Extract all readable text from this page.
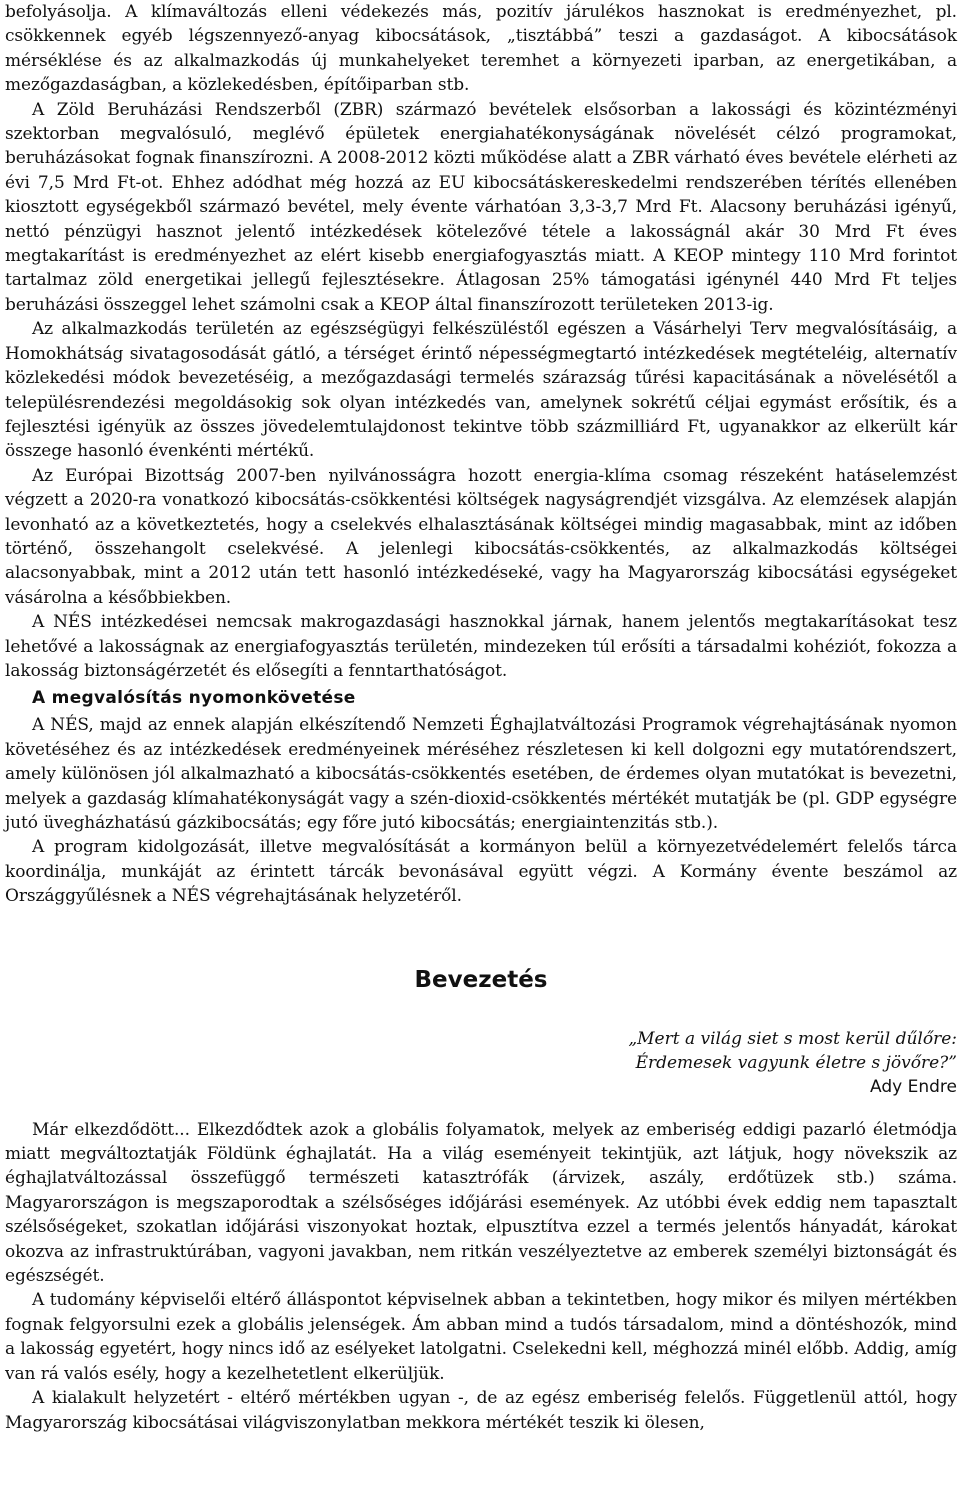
befolyásolja. A klímaváltozás elleni védekezés más, pozitív járulékos hasznokat is eredményezhet, pl. csökkennek egyéb légszennyező-anyag kibocsátások, „tisztábbá” teszi a gazdaságot. A kibocsátások mérséklése és az alkalmazkodás új munkahelyeket teremhet a környezeti iparban, az energetikában, a mezőgazdaságban, a közlekedésben, építőiparban stb.

A Zöld Beruházási Rendszerből (ZBR) származó bevételek elsősorban a lakossági és közintézményi szektorban megvalósuló, meglévő épületek energiahatékonyságának növelését célzó programokat, beruházásokat fognak finanszírozni. A 2008-2012 közti működése alatt a ZBR várható éves bevétele elérheti az évi 7,5 Mrd Ft-ot. Ehhez adódhat még hozzá az EU kibocsátáskereskedelmi rendszerében térítés ellenében kiosztott egységekből származó bevétel, mely évente várhatóan 3,3-3,7 Mrd Ft. Alacsony beruházási igényű, nettó pénzügyi hasznot jelentő intézkedések kötelezővé tétele a lakosságnál akár 30 Mrd Ft éves megtakarítást is eredményezhet az elért kisebb energiafogyasztás miatt. A KEOP mintegy 110 Mrd forintot tartalmaz zöld energetikai jellegű fejlesztésekre. Átlagosan 25% támogatási igénynél 440 Mrd Ft teljes beruházási összeggel lehet számolni csak a KEOP által finanszírozott területeken 2013-ig.

Az alkalmazkodás területén az egészségügyi felkészüléstől egészen a Vásárhelyi Terv megvalósításáig, a Homokhátság sivatagosodását gátló, a térséget érintő népességmegtartó intézkedések megtételéig, alternatív közlekedési módok bevezetéséig, a mezőgazdasági termelés szárazság tűrési kapacitásának a növelésétől a településrendezési megoldásokig sok olyan intézkedés van, amelynek sokrétű céljai egymást erősítik, és a fejlesztési igényük az összes jövedelemtulajdonost tekintve több százmilliárd Ft, ugyanakkor az elkerült kár összege hasonló évenkénti mértékű.

Az Európai Bizottság 2007-ben nyilvánosságra hozott energia-klíma csomag részeként hatáselemzést végzett a 2020-ra vonatkozó kibocsátás-csökkentési költségek nagyságrendjét vizsgálva. Az elemzések alapján levonható az a következtetés, hogy a cselekvés elhalasztásának költségei mindig magasabbak, mint az időben történő, összehangolt cselekvésé. A jelenlegi kibocsátás-csökkentés, az alkalmazkodás költségei alacsonyabbak, mint a 2012 után tett hasonló intézkedéseké, vagy ha Magyarország kibocsátási egységeket vásárolna a későbbiekben.

A NÉS intézkedései nemcsak makrogazdasági hasznokkal járnak, hanem jelentős megtakarításokat tesz lehetővé a lakosságnak az energiafogyasztás területén, mindezeken túl erősíti a társadalmi kohéziót, fokozza a lakosság biztonságérzetét és elősegíti a fenntarthatóságot.

A megvalósítás nyomonkövetése

A NÉS, majd az ennek alapján elkészítendő Nemzeti Éghajlatváltozási Programok végrehajtásának nyomon követéséhez és az intézkedések eredményeinek méréséhez részletesen ki kell dolgozni egy mutatórendszert, amely különösen jól alkalmazható a kibocsátás-csökkentés esetében, de érdemes olyan mutatókat is bevezetni, melyek a gazdaság klímahatékonyságát vagy a szén-dioxid-csökkentés mértékét mutatják be (pl. GDP egységre jutó üvegházhatású gázkibocsátás; egy főre jutó kibocsátás; energiaintenzitás stb.).

A program kidolgozását, illetve megvalósítását a kormányon belül a környezetvédelemért felelős tárca koordinálja, munkáját az érintett tárcák bevonásával együtt végzi. A Kormány évente beszámol az Országgyűlésnek a NÉS végrehajtásának helyzetéről.

Bevezetés
„Mert a világ siet s most kerül dűlőre:
Érdemesek vagyunk életre s jövőre?”
Ady Endre

Már elkezdődött... Elkezdődtek azok a globális folyamatok, melyek az emberiség eddigi pazarló életmódja miatt megváltoztatják Földünk éghajlatát. Ha a világ eseményeit tekintjük, azt látjuk, hogy növekszik az éghajlatváltozással összefüggő természeti katasztrófák (árvizek, aszály, erdőtüzek stb.) száma. Magyarországon is megszaporodtak a szélsőséges időjárási események. Az utóbbi évek eddig nem tapasztalt szélsőségeket, szokatlan időjárási viszonyokat hoztak, elpusztítva ezzel a termés jelentős hányadát, károkat okozva az infrastruktúrában, vagyoni javakban, nem ritkán veszélyeztetve az emberek személyi biztonságát és egészségét.

A tudomány képviselői eltérő álláspontot képviselnek abban a tekintetben, hogy mikor és milyen mértékben fognak felgyorsulni ezek a globális jelenségek. Ám abban mind a tudós társadalom, mind a döntéshozók, mind a lakosság egyetért, hogy nincs idő az esélyeket latolgatni. Cselekedni kell, méghozzá minél előbb. Addig, amíg van rá valós esély, hogy a kezelhetetlent elkerüljük.

A kialakult helyzetért - eltérő mértékben ugyan -, de az egész emberiség felelős. Függetlenül attól, hogy Magyarország kibocsátásai világviszonylatban mekkora mértékét teszik ki ölesen,
